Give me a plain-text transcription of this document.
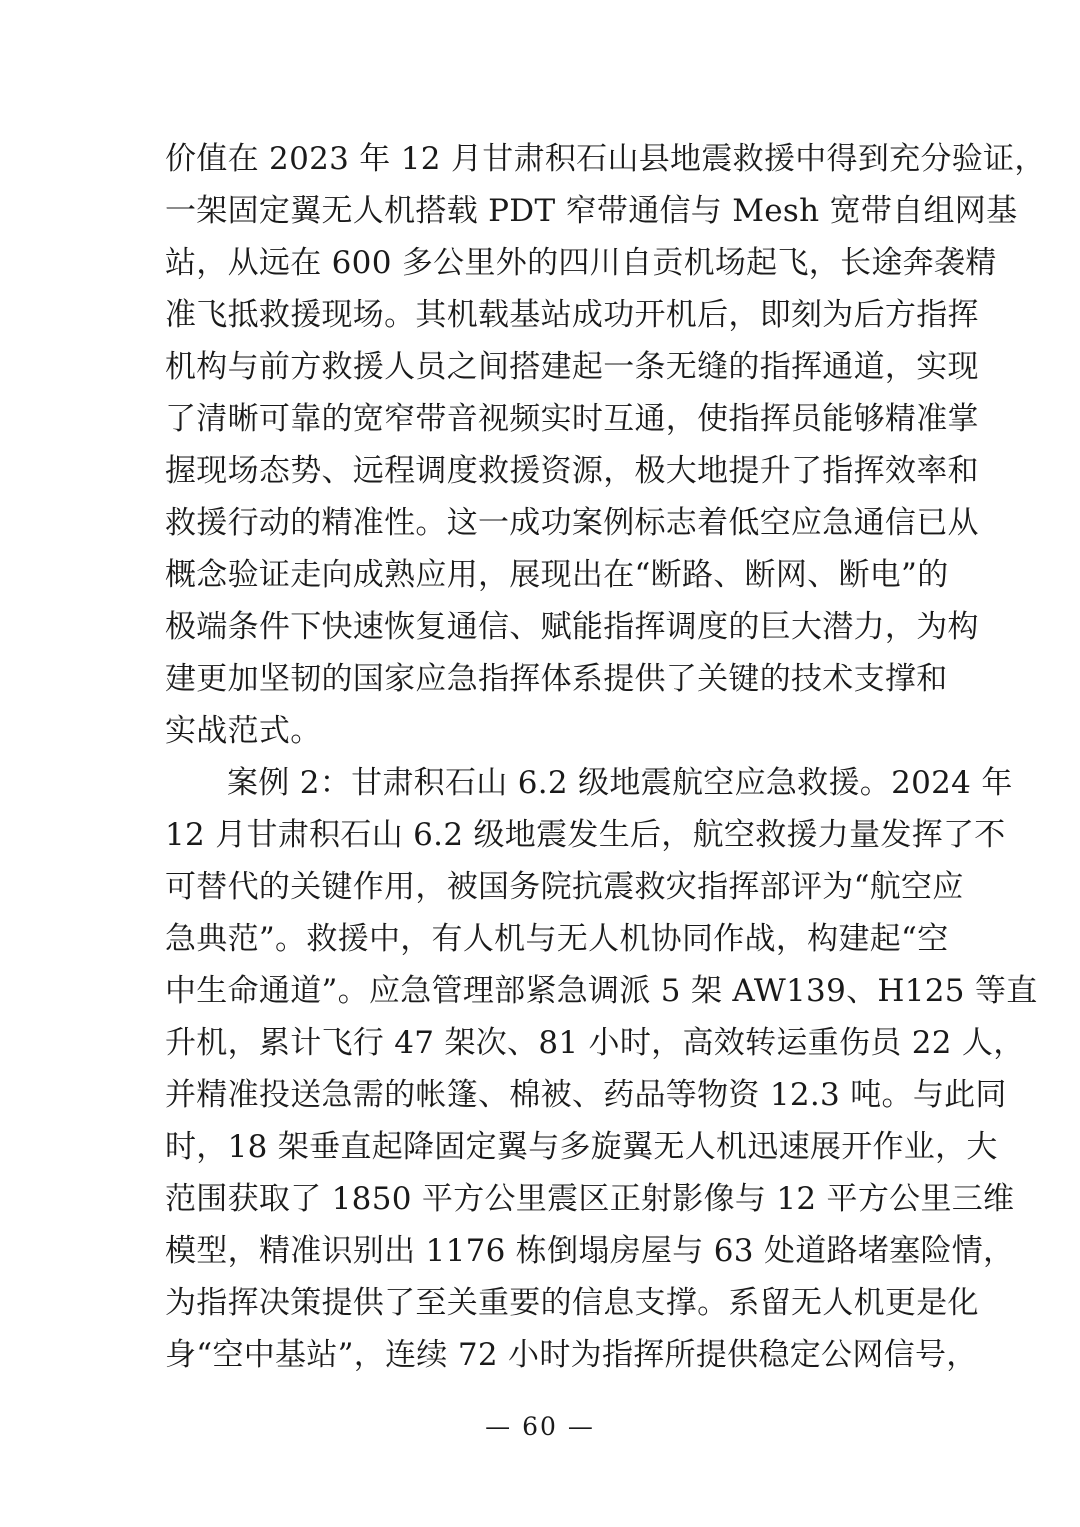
价值在 2023 年 12 月甘肃积石山县地震救援中得到充分验证，
一架固定翼无人机搭载 PDT 窄带通信与 Mesh 宽带自组网基
站，从远在 600 多公里外的四川自贡机场起飞，长途奔袭精
准飞抵救援现场。其机载基站成功开机后，即刻为后方指挥
机构与前方救援人员之间搭建起一条无缝的指挥通道，实现
了清晰可靠的宽窄带音视频实时互通，使指挥员能够精准掌
握现场态势、远程调度救援资源，极大地提升了指挥效率和
救援行动的精准性。这一成功案例标志着低空应急通信已从
概念验证走向成熟应用，展现出在“断路、断网、断电”的
极端条件下快速恢复通信、赋能指挥调度的巨大潜力，为构
建更加坚韧的国家应急指挥体系提供了关键的技术支撑和
实战范式。
案例 2：甘肃积石山 6.2 级地震航空应急救援。2024 年
12 月甘肃积石山 6.2 级地震发生后，航空救援力量发挥了不
可替代的关键作用，被国务院抗震救灾指挥部评为“航空应
急典范”。救援中，有人机与无人机协同作战，构建起“空
中生命通道”。应急管理部紧急调派 5 架 AW139、H125 等直
升机，累计飞行 47 架次、81 小时，高效转运重伤员 22 人，
并精准投送急需的帐篷、棉被、药品等物资 12.3 吨。与此同
时，18 架垂直起降固定翼与多旋翼无人机迅速展开作业，大
范围获取了 1850 平方公里震区正射影像与 12 平方公里三维
模型，精准识别出 1176 栋倒塌房屋与 63 处道路堵塞险情，
为指挥决策提供了至关重要的信息支撑。系留无人机更是化
身“空中基站”，连续 72 小时为指挥所提供稳定公网信号，
— 60 —
